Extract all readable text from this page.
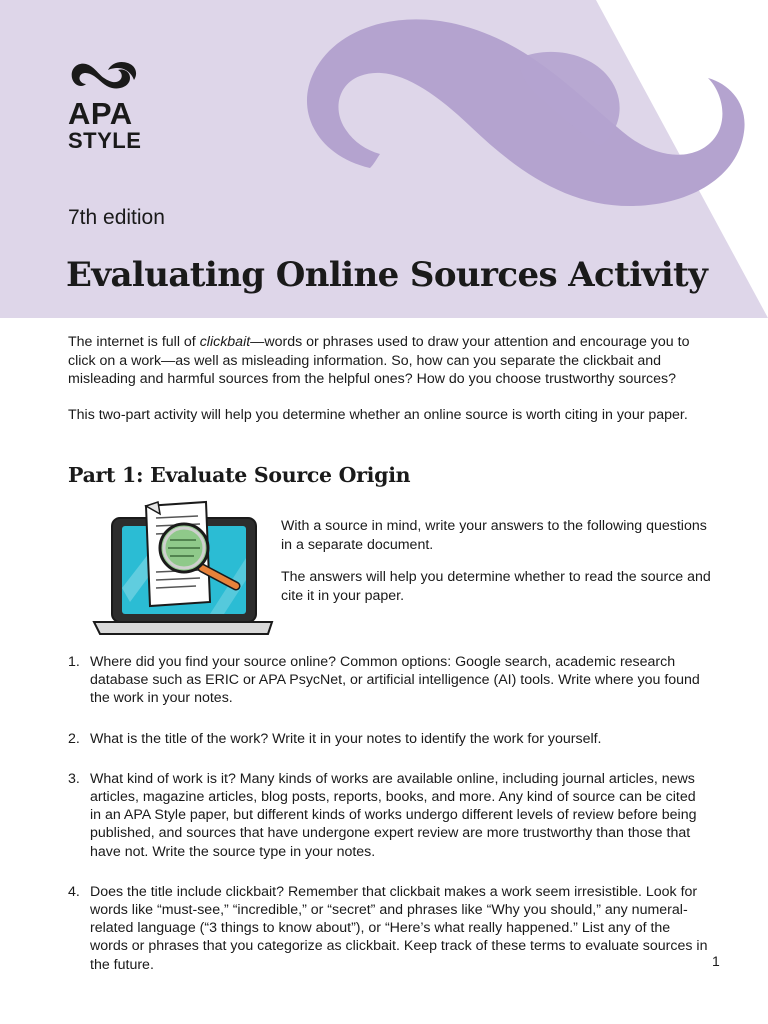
APA
STYLE
7th edition
Evaluating Online Sources Activity

The internet is full of clickbait—words or phrases used to draw your attention and encourage you to click on a work—as well as misleading information. So, how can you separate the clickbait and misleading and harmful sources from the helpful ones? How do you choose trustworthy sources?

This two-part activity will help you determine whether an online source is worth citing in your paper.

Part 1: Evaluate Source Origin

With a source in mind, write your answers to the following questions in a separate document.

The answers will help you determine whether to read the source and cite it in your paper.

1. Where did you find your source online? Common options: Google search, academic research database such as ERIC or APA PsycNet, or artificial intelligence (AI) tools. Write where you found the work in your notes.
2. What is the title of the work? Write it in your notes to identify the work for yourself.
3. What kind of work is it? Many kinds of works are available online, including journal articles, news articles, magazine articles, blog posts, reports, books, and more. Any kind of source can be cited in an APA Style paper, but different kinds of works undergo different levels of review before being published, and sources that have undergone expert review are more trustworthy than those that have not. Write the source type in your notes.
4. Does the title include clickbait? Remember that clickbait makes a work seem irresistible. Look for words like “must-see,” “incredible,” or “secret” and phrases like “Why you should,” any numeral-related language (“3 things to know about”), or “Here’s what really happened.” List any of the words or phrases that you categorize as clickbait. Keep track of these terms to evaluate sources in the future.	1
